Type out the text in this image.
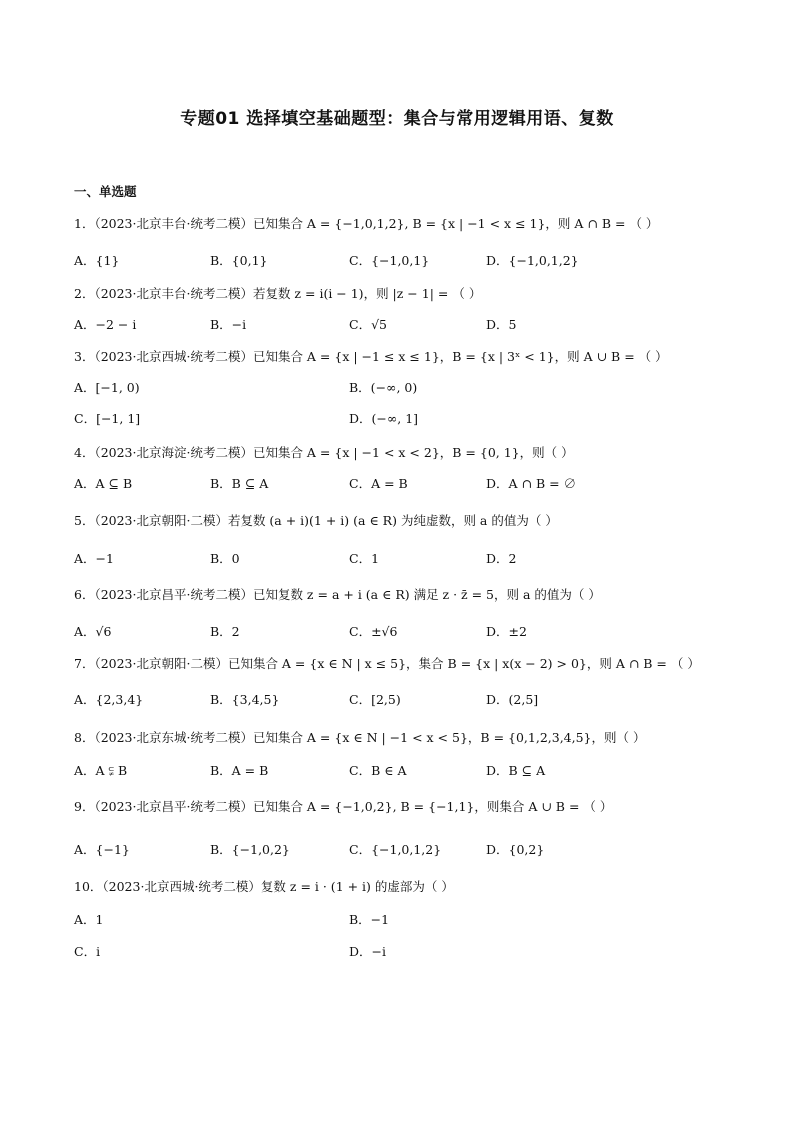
专题01 选择填空基础题型：集合与常用逻辑用语、复数
一、单选题
1．（2023·北京丰台·统考二模）已知集合 A = {−1,0,1,2}, B = {x | −1 < x ≤ 1}，则 A ∩ B = （ ）
A．{1}	B．{0,1}	C．{−1,0,1}	D．{−1,0,1,2}
2．（2023·北京丰台·统考二模）若复数 z = i(i − 1)，则 |z − 1| = （ ）
A．−2 − i	B．−i	C．√5	D．5
3．（2023·北京西城·统考二模）已知集合 A = {x | −1 ≤ x ≤ 1}，B = {x | 3ˣ < 1}，则 A ∪ B = （ ）
A．[−1, 0)	B．(−∞, 0)
C．[−1, 1]	D．(−∞, 1]
4．（2023·北京海淀·统考二模）已知集合 A = {x | −1 < x < 2}，B = {0, 1}，则（ ）
A．A ⊆ B	B．B ⊆ A	C．A = B	D．A ∩ B = ∅
5．（2023·北京朝阳·二模）若复数 (a + i)(1 + i) (a ∈ R) 为纯虚数，则 a 的值为（ ）
A．−1	B．0	C．1	D．2
6．（2023·北京昌平·统考二模）已知复数 z = a + i (a ∈ R) 满足 z · z̄ = 5，则 a 的值为（ ）
A．√6	B．2	C．±√6	D．±2
7．（2023·北京朝阳·二模）已知集合 A = {x ∈ N | x ≤ 5}，集合 B = {x | x(x − 2) > 0}，则 A ∩ B = （ ）
A．{2,3,4}	B．{3,4,5}	C．[2,5)	D．(2,5]
8．（2023·北京东城·统考二模）已知集合 A = {x ∈ N | −1 < x < 5}，B = {0,1,2,3,4,5}，则（ ）
A．A ⫋ B	B．A = B	C．B ∈ A	D．B ⊆ A
9．（2023·北京昌平·统考二模）已知集合 A = {−1,0,2}, B = {−1,1}，则集合 A ∪ B = （ ）
A．{−1}	B．{−1,0,2}	C．{−1,0,1,2}	D．{0,2}
10．（2023·北京西城·统考二模）复数 z = i · (1 + i) 的虚部为（ ）
A．1	B．−1
C．i	D．−i
